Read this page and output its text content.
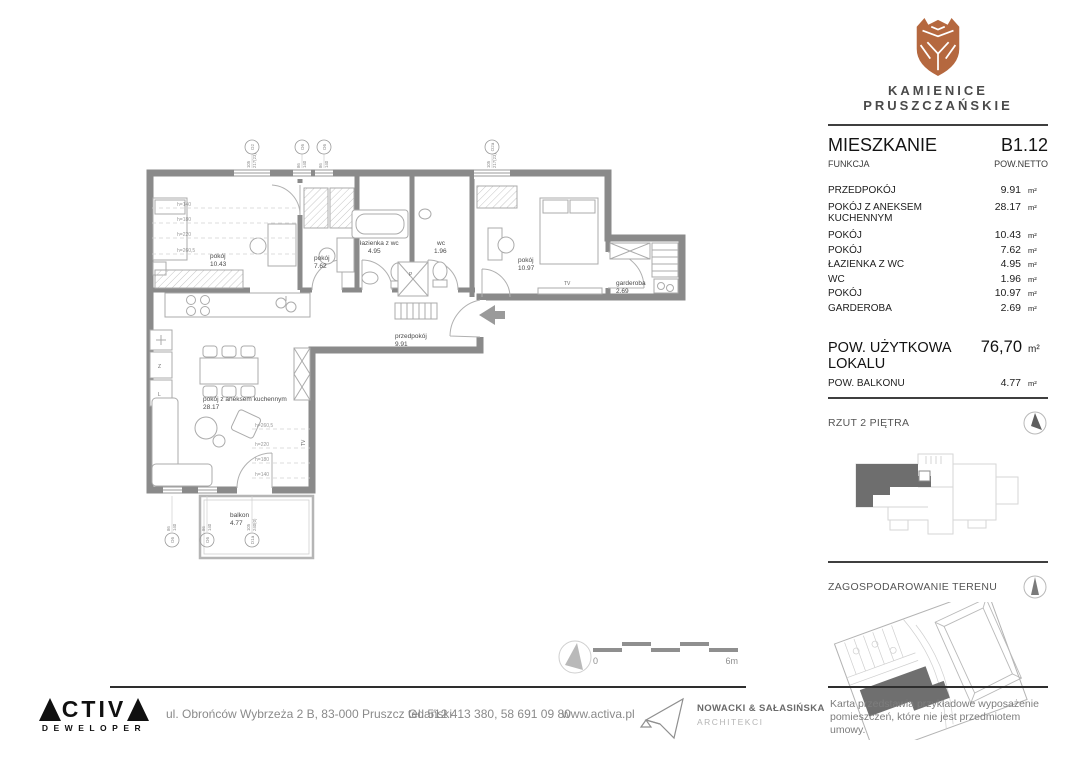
h=140
h=180
h=220
h=260,5
h=260,5
h=220
h=180
h=140
pokój
10.43
pokój
7.62
łazienka z wc
4.95
wc
1.96
pokój
10.97
garderoba
2.69
przedpokój
9.91
pokój z aneksem kuchennym
28.17
balkon
4.77
Z
L
P
TV
TV
O2
105 217(23)
O6
86 140
O6
86 140
O2a
105 217(23)
O6
86 140
O6
86 140
D1a
105 240(0)
0	6m
KAMIENICE
PRUSZCZAŃSKIE
MIESZKANIE	B1.12
FUNKCJA	POW.NETTO
PRZEDPOKÓJ	9.91 m²
POKÓJ Z ANEKSEM KUCHENNYM
28.17 m²
POKÓJ	10.43 m²
POKÓJ	7.62 m²
ŁAZIENKA Z WC	4.95 m²
WC	1.96 m²
POKÓJ	10.97 m²
GARDEROBA	2.69 m²
POW. UŻYTKOWA LOKALU
76,70 m²
POW. BALKONU	4.77 m²
RZUT 2 PIĘTRA
ZAGOSPODAROWANIE TERENU
CTIV
DEWELOPER
ul. Obrońców Wybrzeża 2 B, 83-000 Pruszcz Gdański
tel. 512 413 380, 58 691 09 80
www.activa.pl	NOWACKI & SAŁASIŃSKA
ARCHITEKCI
Karta przedstawia przykładowe wyposażenie pomieszczeń, które nie jest przedmiotem umowy.
